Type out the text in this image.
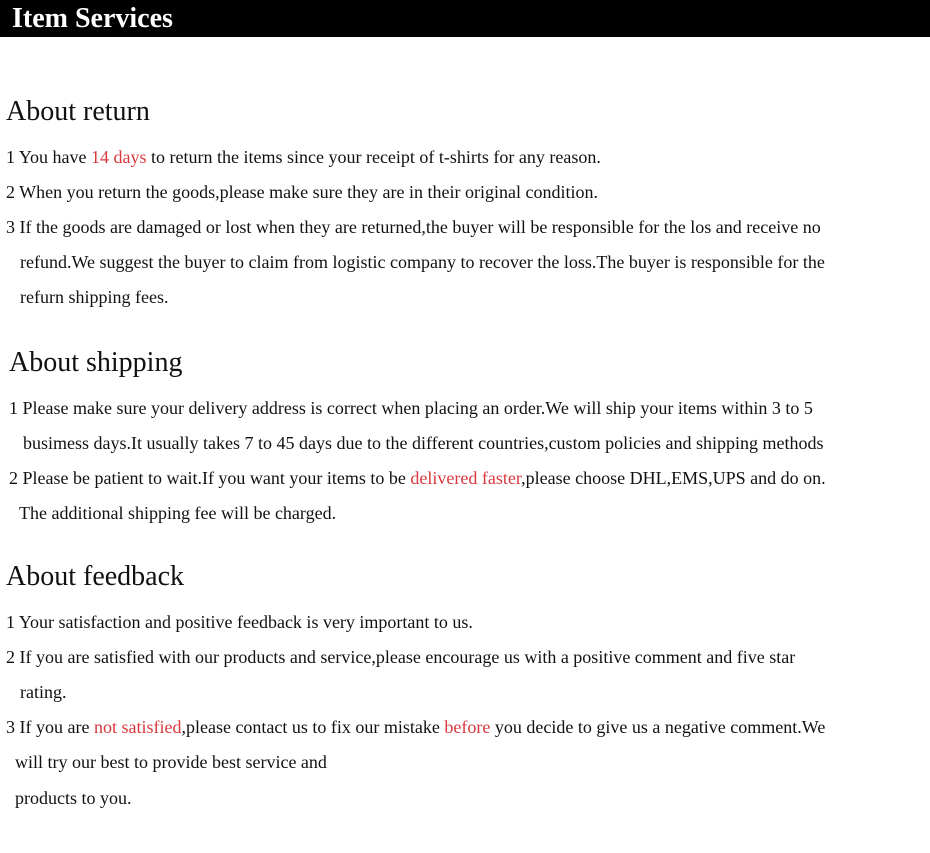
Item Services
About return
1 You have 14 days to return the items since your receipt of t-shirts for any reason.
2 When you return the goods,please make sure they are in their original condition.
3 If the goods are damaged or lost when they are returned,the buyer will be responsible for the los and receive no
refund.We suggest the buyer to claim from logistic company to recover the loss.The buyer is responsible for the
refurn shipping fees.
About shipping
1 Please make sure your delivery address is correct when placing an order.We will ship your items within 3 to 5
busimess days.It usually takes 7 to 45 days due to the different countries,custom policies and shipping methods
2 Please be patient to wait.If you want your items to be delivered faster,please choose DHL,EMS,UPS and do on.
The additional shipping fee will be charged.
About feedback
1 Your satisfaction and positive feedback is very important to us.
2 If you are satisfied with our products and service,please encourage us with a positive comment and five star
rating.
3 If you are not satisfied,please contact us to fix our mistake before you decide to give us a negative comment.We
will try our best to provide best service and
products to you.
